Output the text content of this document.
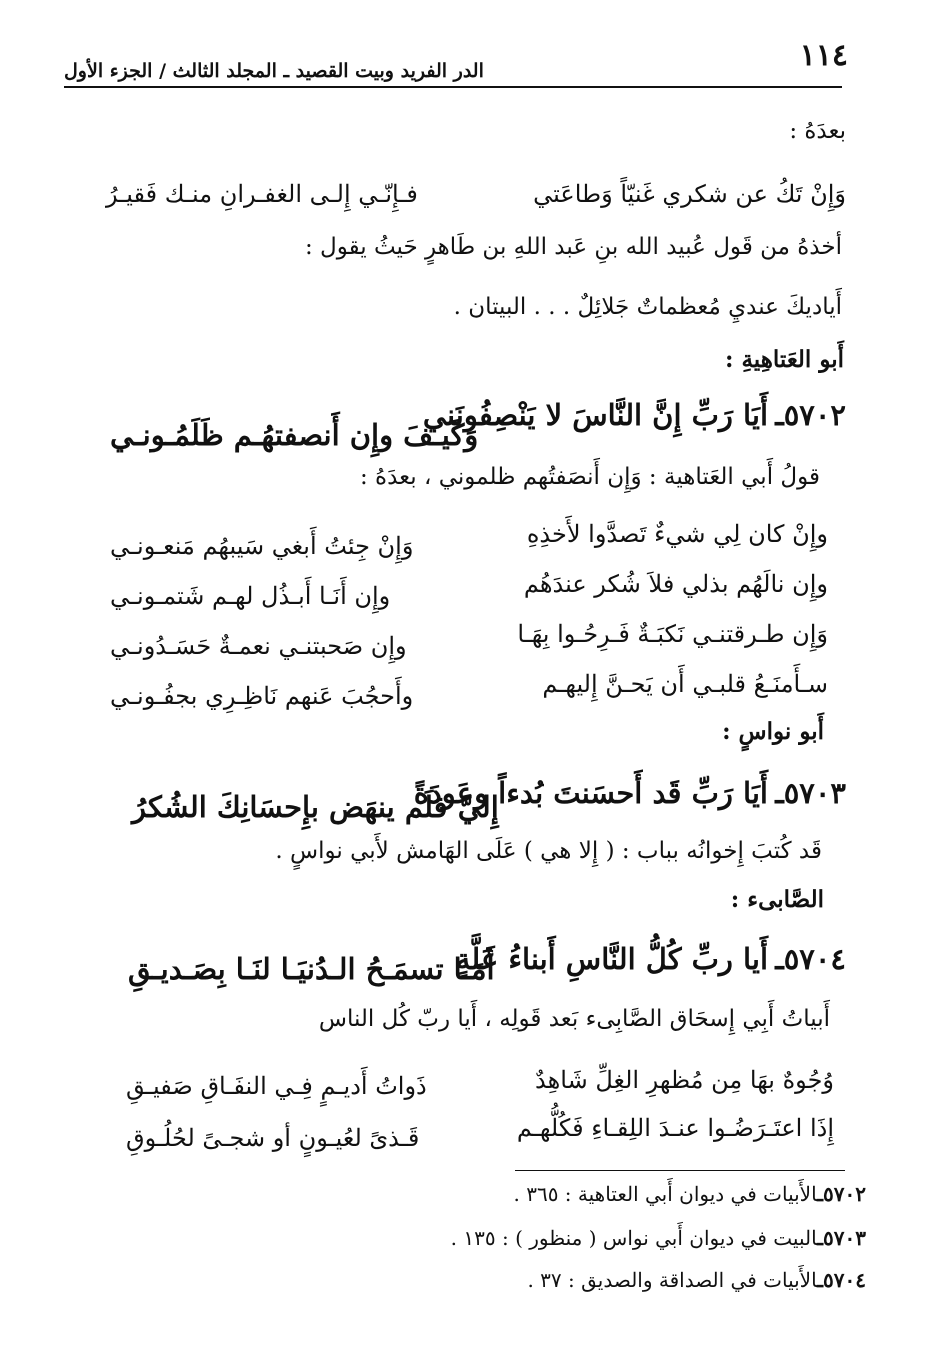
١١٤
الدر الفريد وبيت القصيد ـ المجلد الثالث / الجزء الأول
بعدَهُ :
وَإِنْ تَكُ عن شكري غَنيّاً وَطاعَتي
فـإِنّـي إِلـى الغفـرانِ منـك فَقيـرُ
أخذهُ من قَول عُبيد الله بنِ عَبد اللهِ بن طَاهرٍ حَيثُ يقول :
أَياديكَ عنديِ مُعظماتٌ جَلائِلٌ . . . البيتان .
أَبو العَتاهِيةِ :
٥٧٠٢ـ
أَيَا رَبِّ إِنَّ النَّاسَ لا يَنْصِفُونَني
وَكَيـفَ وإِن أَنصفتهُـم ظَلَمُـونـي
قولُ أَبي العَتاهية : وَإِن أَنصَفتُهم ظلموني ، بعدَهُ :
وإِنْ كان لِي شيءٌ تَصدَّوا لأَخذِهِ
وَإِنْ جِئتُ أَبغي سَيبهُم مَنعـونـي
وإِن نالَهُم بذلي فلاَ شُكر عندَهُم
وإِن أَنَـا أَبـذُل لهـم شَتمـونـي
وَإِن طـرقتنـي نَكبَـةٌ فَـرِحُـوا بِهَـا
وإِن صَحبتنـي نعمـةٌ حَسَـدُونـي
سـأَمنَـعُ قلبـي أَن يَحـنَّ إِليهـم
وأَحجُبَ عَنهم نَاظِـرِي بجفُـونـي
أَبو نواسٍ :
٥٧٠٣ـ
أَيَا رَبِّ قَد أَحسَنتَ بُدءاً وعَودَةً
إِليَّ فلَم ينهَض بإِحسَانِكَ الشُكرُ
قَد كُتبَ إِخوانُه بباب : ( إِلا هي ) عَلَى الهَامش لأَبي نواسٍ .
الصَّابىء :
٥٧٠٤ـ
أَيا ربِّ كُلُّ النَّاسِ أَبناءُ عَلَّةٍ
أَمَـا تسمَـحُ الـدُنيَـا لنَـا بِصَـديـقِ
أَبياتُ أَبِي إِسحَاق الصَّابِىء بَعد قَولِه ، أَيا ربّ كُل الناس
وُجُوهٌ بهَا مِن مُظهرِ الغِلِّ شَاهِدٌ
ذَواتُ أَديـمٍ فِـي النفَـاقِ صَفيـقِ
إِذَا اعتَـرَضُـوا عنـدَ اللِقـاءِ فَكُلُّهـم
قَـذىً لعُيـونٍ أو شجـىً لحُلُـوقِ
٥٧٠٢ـالأَبيات في ديوان أَبي العتاهية : ٣٦٥ .
٥٧٠٣ـالبيت في ديوان أَبي نواس ( منظور ) : ١٣٥ .
٥٧٠٤ـالأَبيات في الصداقة والصديق : ٣٧ .
